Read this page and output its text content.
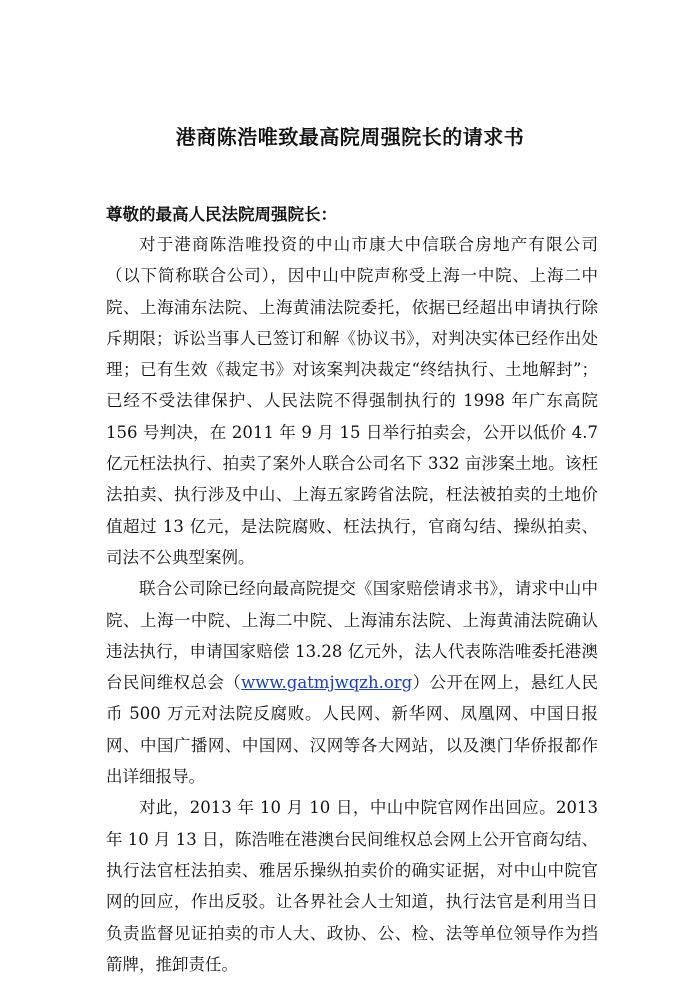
港商陈浩唯致最高院周强院长的请求书
尊敬的最高人民法院周强院长：

对于港商陈浩唯投资的中山市康大中信联合房地产有限公司（以下简称联合公司），因中山中院声称受上海一中院、上海二中院、上海浦东法院、上海黄浦法院委托，依据已经超出申请执行除斥期限；诉讼当事人已签订和解《协议书》，对判决实体已经作出处理；已有生效《裁定书》对该案判决裁定“终结执行、土地解封”；已经不受法律保护、人民法院不得强制执行的 1998 年广东高院 156 号判决，在 2011 年 9 月 15 日举行拍卖会，公开以低价 4.7 亿元枉法执行、拍卖了案外人联合公司名下 332 亩涉案土地。该枉法拍卖、执行涉及中山、上海五家跨省法院，枉法被拍卖的土地价值超过 13 亿元，是法院腐败、枉法执行，官商勾结、操纵拍卖、司法不公典型案例。

联合公司除已经向最高院提交《国家赔偿请求书》，请求中山中院、上海一中院、上海二中院、上海浦东法院、上海黄浦法院确认违法执行，申请国家赔偿 13.28 亿元外，法人代表陈浩唯委托港澳台民间维权总会（www.gatmjwqzh.org）公开在网上，悬红人民币 500 万元对法院反腐败。人民网、新华网、凤凰网、中国日报网、中国广播网、中国网、汉网等各大网站，以及澳门华侨报都作出详细报导。

对此，2013 年 10 月 10 日，中山中院官网作出回应。2013 年 10 月 13 日，陈浩唯在港澳台民间维权总会网上公开官商勾结、执行法官枉法拍卖、雅居乐操纵拍卖价的确实证据，对中山中院官网的回应，作出反驳。让各界社会人士知道，执行法官是利用当日负责监督见证拍卖的市人大、政协、公、检、法等单位领导作为挡箭牌，推卸责任。
